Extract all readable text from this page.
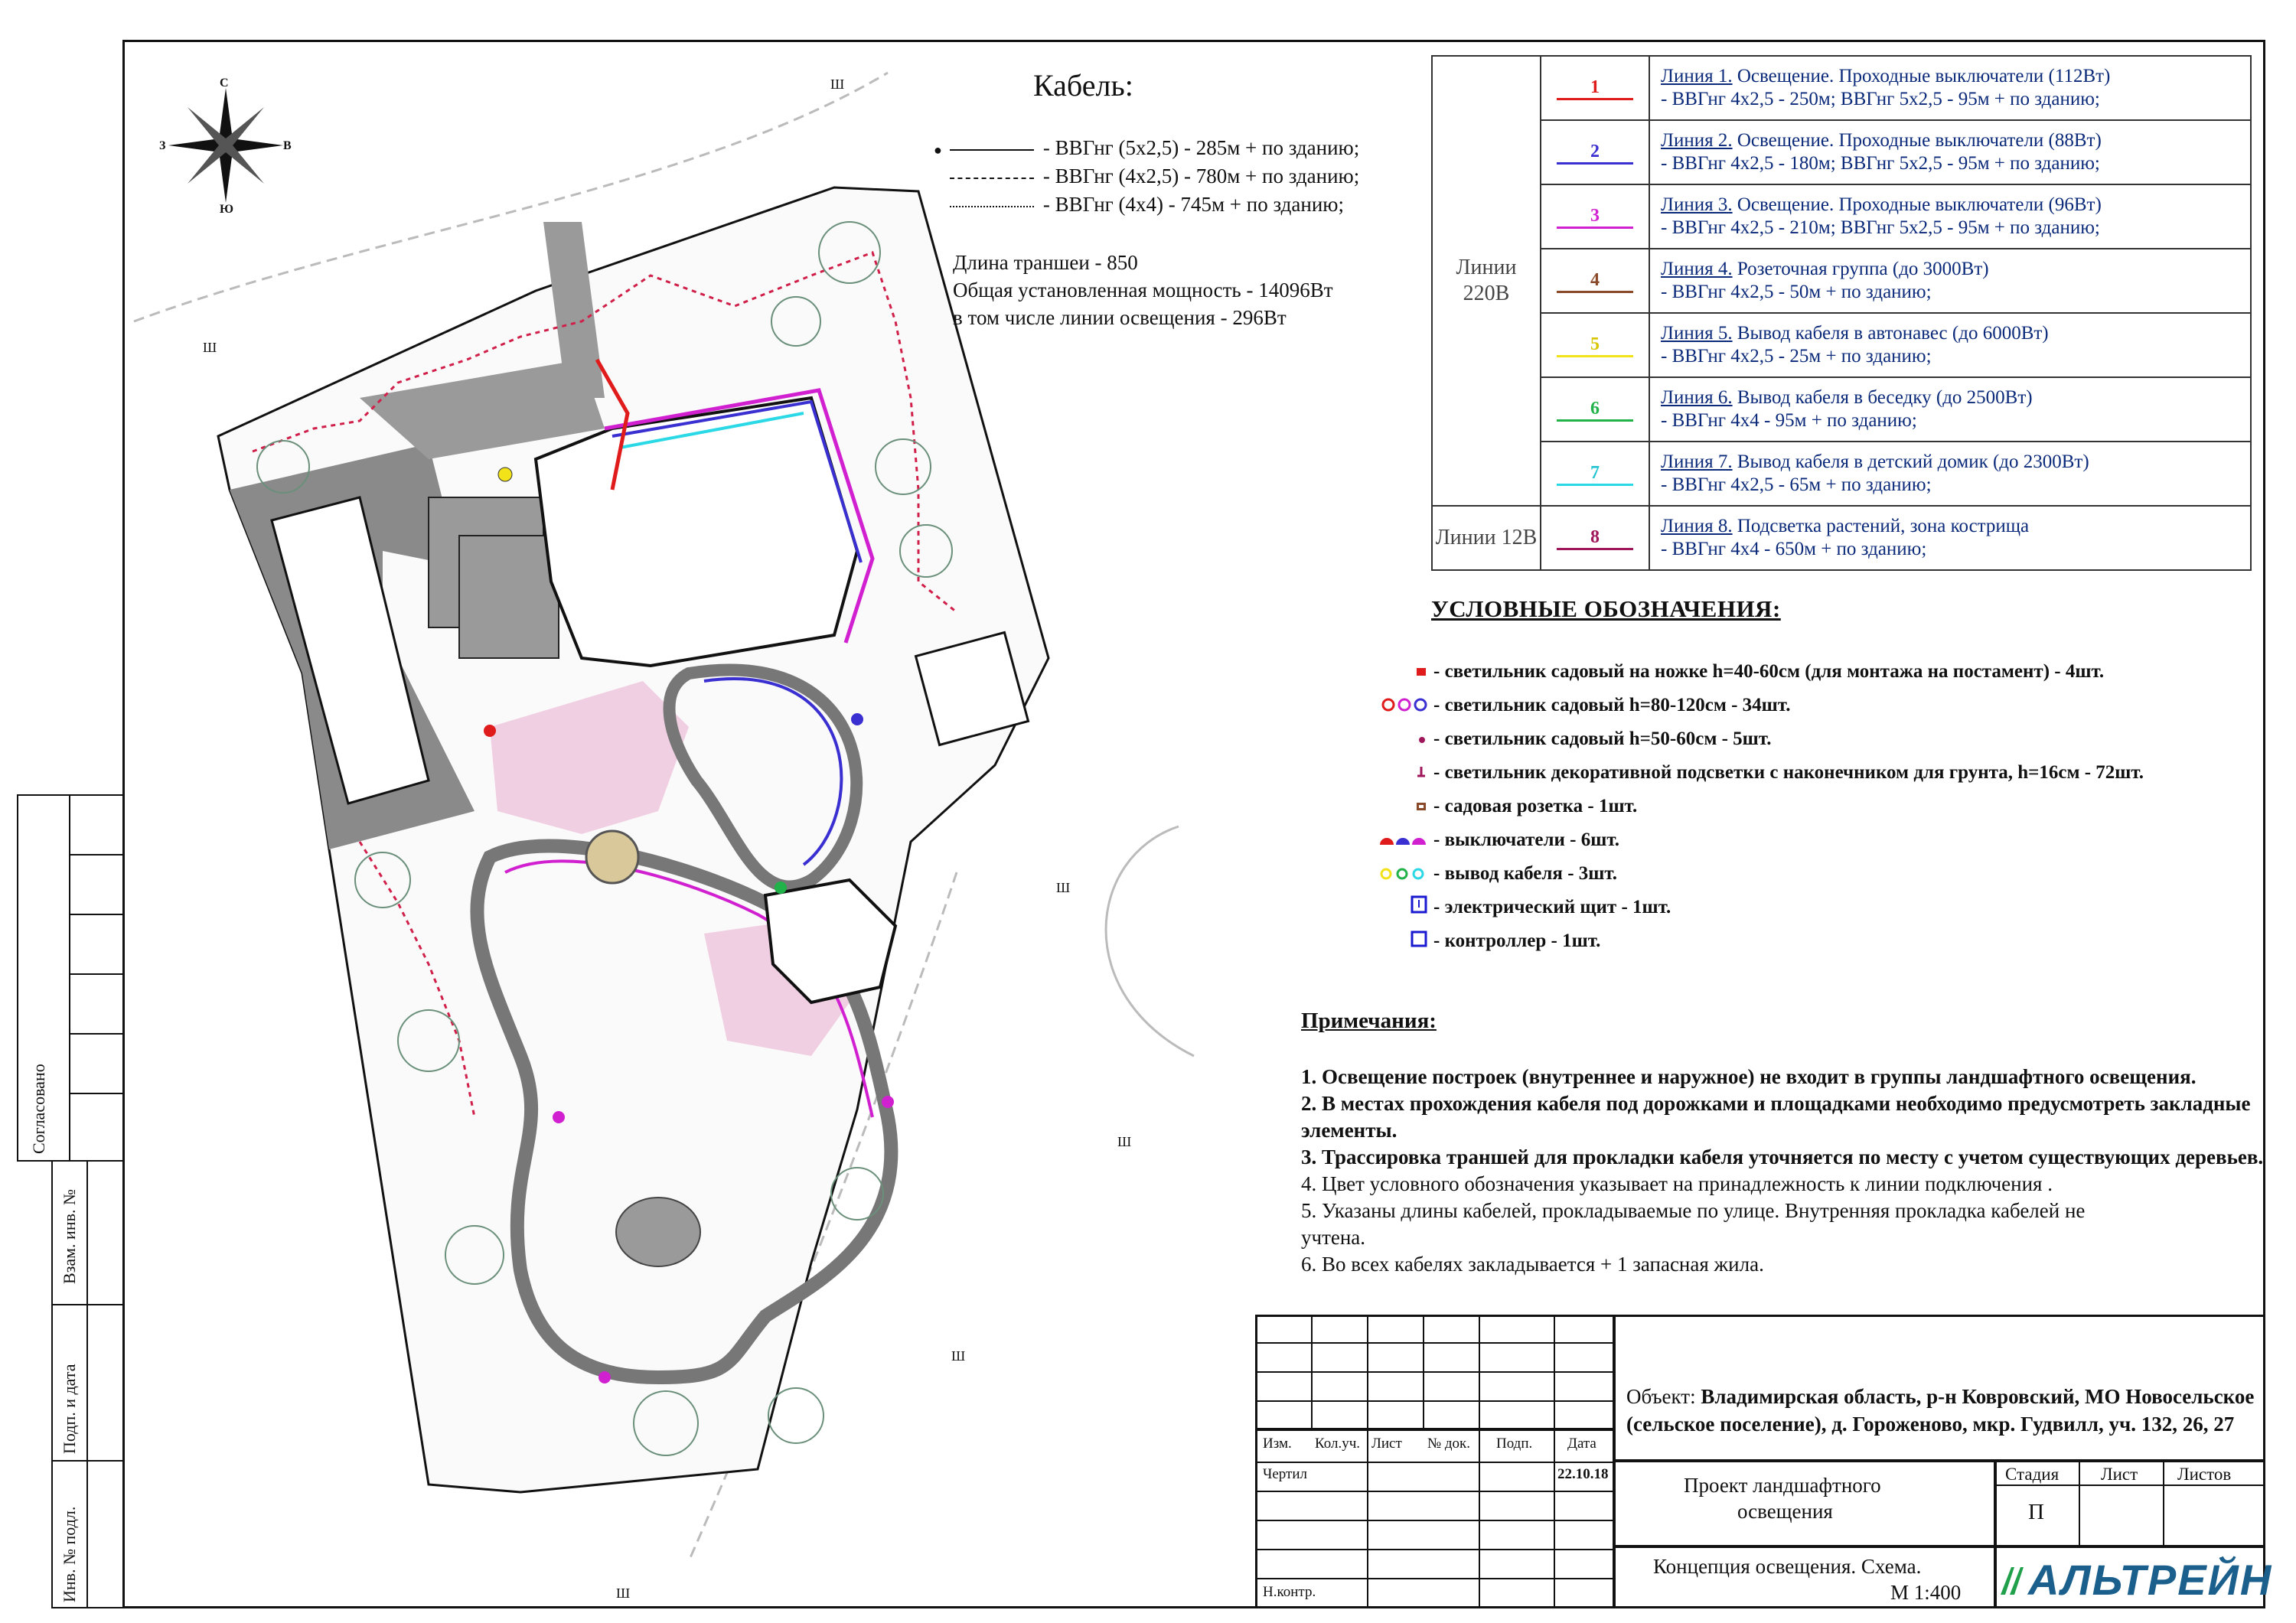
Согласовано
Взам. инв. №
Подп. и дата
Инв. № подл.
С
Ю
З	В
Ш
Ш
Ш
Ш
Ш
Ш
Кабель:
●	- ВВГнг (5х2,5) - 285м + по зданию;
- ВВГнг (4х2,5) - 780м + по зданию;
- ВВГнг (4х4) - 745м + по зданию;
Длина траншеи - 850
Общая установленная мощность - 14096Вт
в том числе линии освещения - 296Вт
Линии 220В	1	Линия 1. Освещение. Проходные выключатели (112Вт)
- ВВГнг 4х2,5 - 250м; ВВГнг 5х2,5 - 95м + по зданию;
	2	Линия 2. Освещение. Проходные выключатели (88Вт)
- ВВГнг 4х2,5 - 180м; ВВГнг 5х2,5 - 95м + по зданию;
	3	Линия 3. Освещение. Проходные выключатели (96Вт)
- ВВГнг 4х2,5 - 210м; ВВГнг 5х2,5 - 95м + по зданию;
	4	Линия 4. Розеточная группа (до 3000Вт)
- ВВГнг 4х2,5 - 50м + по зданию;
	5	Линия 5. Вывод кабеля в автонавес (до 6000Вт)
- ВВГнг 4х2,5 - 25м + по зданию;
	6	Линия 6. Вывод кабеля в беседку (до 2500Вт)
- ВВГнг 4х4 - 95м + по зданию;
	7	Линия 7. Вывод кабеля в детский домик (до 2300Вт)
- ВВГнг 4х2,5 - 65м + по зданию;
Линии 12В	8	Линия 8. Подсветка растений, зона кострища
- ВВГнг 4х4 - 650м + по зданию;
УСЛОВНЫЕ ОБОЗНАЧЕНИЯ:
- светильник садовый на ножке h=40-60см (для монтажа на постамент) - 4шт.
- светильник садовый h=80-120см - 34шт.
- светильник садовый h=50-60см - 5шт.
- светильник декоративной подсветки с наконечником для грунта, h=16см - 72шт.
- садовая розетка - 1шт.
- выключатели - 6шт.
- вывод кабеля - 3шт.
- электрический щит - 1шт.
- контроллер - 1шт.
Примечания:
1. Освещение построек (внутреннее и наружное) не входит в группы ландшафтного освещения.
2. В местах прохождения кабеля под дорожками и площадками необходимо предусмотреть закладные
элементы.
3. Трассировка траншей для прокладки кабеля уточняется по месту с учетом существующих деревьев.
4. Цвет условного обозначения указывает на принадлежность к линии подключения .
5. Указаны длины кабелей, прокладываемые по улице. Внутренняя прокладка кабелей не
учтена.
6. Во всех кабелях закладывается + 1 запасная жила.
Изм. Кол.уч. Лист № док. Подп. Дата
Чертил	22.10.18
Н.контр.
Объект: Владимирская область, р-н Ковровский, МО Новосельское
(сельское поселение), д. Гороженово, мкр. Гудвилл, уч. 132, 26, 27
Проект ландшафтного
освещения
Стадия Лист Листов
П
Концепция освещения. Схема.
М 1:400	АЛЬТРЕЙН
